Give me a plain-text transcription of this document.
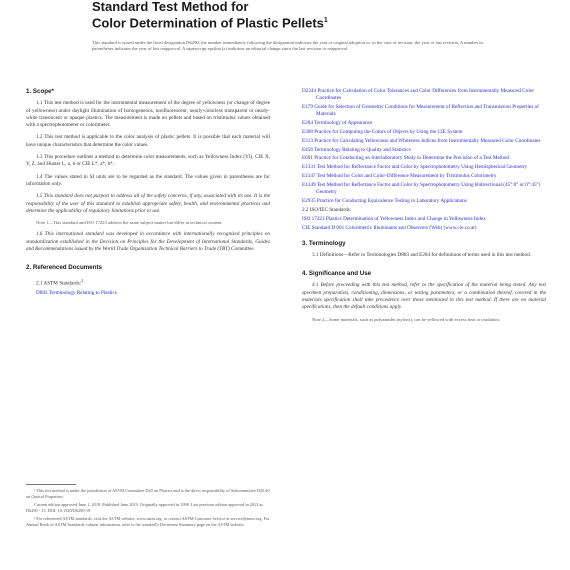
Standard Test Method for
Color Determination of Plastic Pellets$^1$
This standard is issued under the fixed designation D6290; the number immediately following the designation indicates the year of original adoption or, in the case of revision, the year of last revision. A number in parentheses indicates the year of last reapproval. A superscript epsilon (ε) indicates an editorial change since the last revision or reapproval.
1. Scope*

1.1 This test method is used for the instrumental measurement of the degree of yellowness (or change of degree of yellowness) under daylight illumination of homogeneous, nonfluorescent, nearly-colorless transparent or nearly-white translucent or opaque plastics. The measurement is made on pellets and based on tristimulus values obtained with a spectrophotometer or colorimeter.

1.2 This test method is applicable to the color analysis of plastic pellets. It is possible that each material will have unique characteristics that determine the color values.

1.3 This procedure outlines a method to determine color measurements, such as Yellowness Index (YI), CIE X, Y, Z, and Hunter L, a, b or CIE L*, a*, b*.

1.4 The values stated in SI units are to be regarded as the standard. The values given in parentheses are for information only.

1.5 This standard does not purport to address all of the safety concerns, if any, associated with its use. It is the responsibility of the user of this standard to establish appropriate safety, health, and environmental practices and determine the applicability of regulatory limitations prior to use.

Note 1—This standard and ISO 17223 address the same subject matter but differ in technical content.

1.6 This international standard was developed in accordance with internationally recognized principles on standardization established in the Decision on Principles for the Development of International Standards, Guides and Recommendations issued by the World Trade Organization Technical Barriers to Trade (TBT) Committee.

2. Referenced Documents
2.1 ASTM Standards:$^2$
D883 Terminology Relating to Plastics

¹ This test method is under the jurisdiction of ASTM Committee D20 on Plastics and is the direct responsibility of Subcommittee D20.40 on Optical Properties.

Current edition approved June 1, 2019. Published June 2019. Originally approved in 1998. Last previous edition approved in 2013 as D6290 - 13. DOI: 10.1520/D6290-19.

² For referenced ASTM standards, visit the ASTM website, www.astm.org, or contact ASTM Customer Service at service@astm.org. For Annual Book of ASTM Standards volume information, refer to the standard's Document Summary page on the ASTM website.

D2244 Practice for Calculation of Color Tolerances and Color Differences from Instrumentally Measured Color Coordinates
E179 Guide for Selection of Geometric Conditions for Measurement of Reflection and Transmission Properties of Materials
E284 Terminology of Appearance
E308 Practice for Computing the Colors of Objects by Using the CIE System
E313 Practice for Calculating Yellowness and Whiteness Indices from Instrumentally Measured Color Coordinates
E456 Terminology Relating to Quality and Statistics
E691 Practice for Conducting an Interlaboratory Study to Determine the Precision of a Test Method
E1331 Test Method for Reflectance Factor and Color by Spectrophotometry Using Hemispherical Geometry
E1347 Test Method for Color and Color-Difference Measurement by Tristimulus Colorimetry
E1349 Test Method for Reflectance Factor and Color by Spectrophotometry Using Bidirectional (45°:0° or 0°:45°) Geometry
E2935 Practice for Conducting Equivalence Testing in Laboratory Applications
2.2 ISO/IEC Standards:
ISO 17223 Plastics Determination of Yellowness Index and Change in Yellowness Index
CIE Standard D 001 Colorimetric Illuminants and Observers (Web) (www.cie.co.at)
3. Terminology

3.1 Definitions—Refer to Terminologies D883 and E284 for definitions of terms used in this test method.

4. Significance and Use

4.1 Before proceeding with this test method, refer to the specification of the material being tested. Any test specimen preparation, conditioning, dimensions, or testing parameters, or a combination thereof, covered in the materials specification shall take precedence over those mentioned in this test method. If there are no material specifications, then the default conditions apply.

Note 2—Some materials, such as polyamides (nylons), can be yellowed with excess heat or oxidation.
